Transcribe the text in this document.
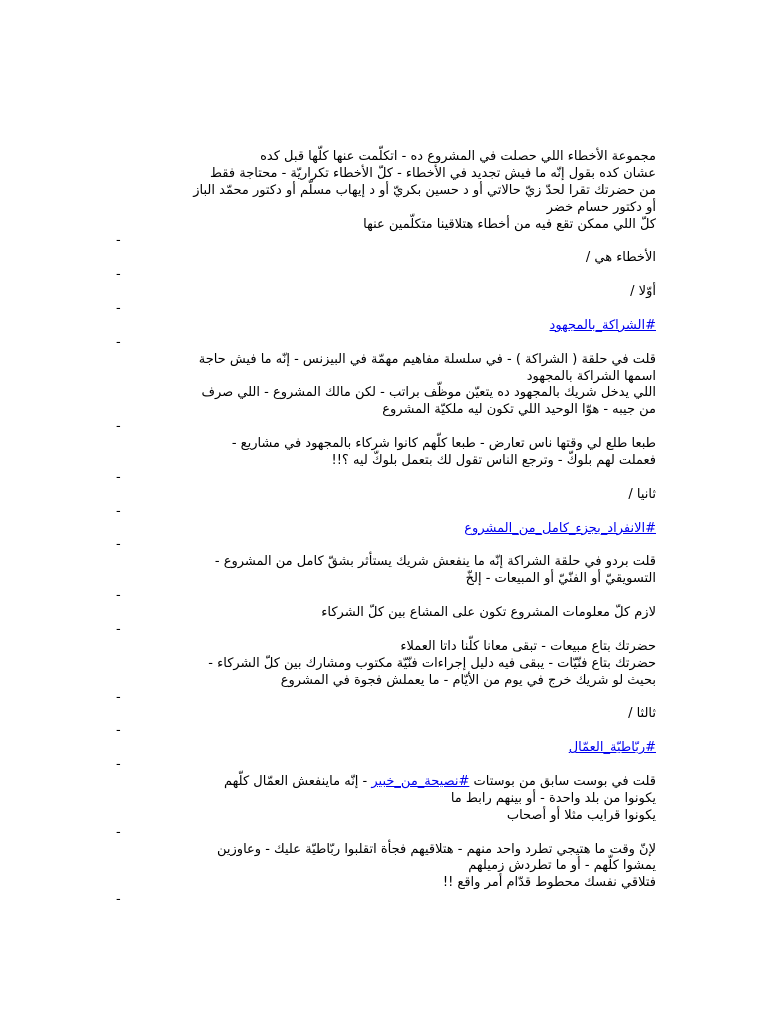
مجموعة الأخطاء اللي حصلت في المشروع ده - اتكلّمت عنها كلّها قبل كده
عشان كده بقول إنّه ما فيش تجديد في الأخطاء - كلّ الأخطاء تكراريّة - محتاجة فقط
من حضرتك تقرا لحدّ زيّ حالاتي أو د حسين بكريّ أو د إيهاب مسلّم أو دكتور محمّد الباز
أو دكتور حسام خضر
كلّ اللي ممكن تقع فيه من أخطاء هتلاقينا متكلّمين عنها
-
الأخطاء هي /
-
أوّلا /
-
#الشراكة_بالمجهود
-
قلت في حلقة ( الشراكة ) - في سلسلة مفاهيم مهمّة في البيزنس - إنّه ما فيش حاجة
اسمها الشراكة بالمجهود
اللي يدخل شريك بالمجهود ده يتعيّن موظّف براتب - لكن مالك المشروع - اللي صرف
من جيبه - هوّا الوحيد اللي تكون ليه ملكيّة المشروع
-
طبعا طلع لي وقتها ناس تعارض - طبعا كلّهم كانوا شركاء بالمجهود في مشاريع -
فعملت لهم بلوكّ - وترجع الناس تقول لك بتعمل بلوكّ ليه ؟!!
-
ثانيا /
-
#الانفراد_بجزء_كامل_من_المشروع
-
قلت بردو في حلقة الشراكة إنّه ما ينفعش شريك يستأثر بشقّ كامل من المشروع -
التسويقيّ أو الفنّيّ أو المبيعات - إلخّ
-
لازم كلّ معلومات المشروع تكون على المشاع بين كلّ الشركاء
-
حضرتك بتاع مبيعات - تبقى معانا كلّنا داتا العملاء
حضرتك بتاع فنّيّات - يبقى فيه دليل إجراءات فنّيّة مكتوب ومشارك بين كلّ الشركاء -
بحيث لو شريك خرج في يوم من الأيّام - ما يعملش فجوة في المشروع
-
ثالثا /
-
#ربّاطيّة_العمّال
-
قلت في بوست سابق من بوستات #نصيحة_من_خبير - إنّه ماينفعش العمّال كلّهم
يكونوا من بلد واحدة - أو بينهم رابط ما
يكونوا قرايب مثلا أو أصحاب
-
لإنّ وقت ما هتيجي تطرد واحد منهم - هتلاقيهم فجأة اتقلبوا ربّاطيّة عليك - وعاوزين
يمشوا كلّهم - أو ما تطردش زميلهم
فتلاقي نفسك محطوط قدّام أمر واقع !!
-
